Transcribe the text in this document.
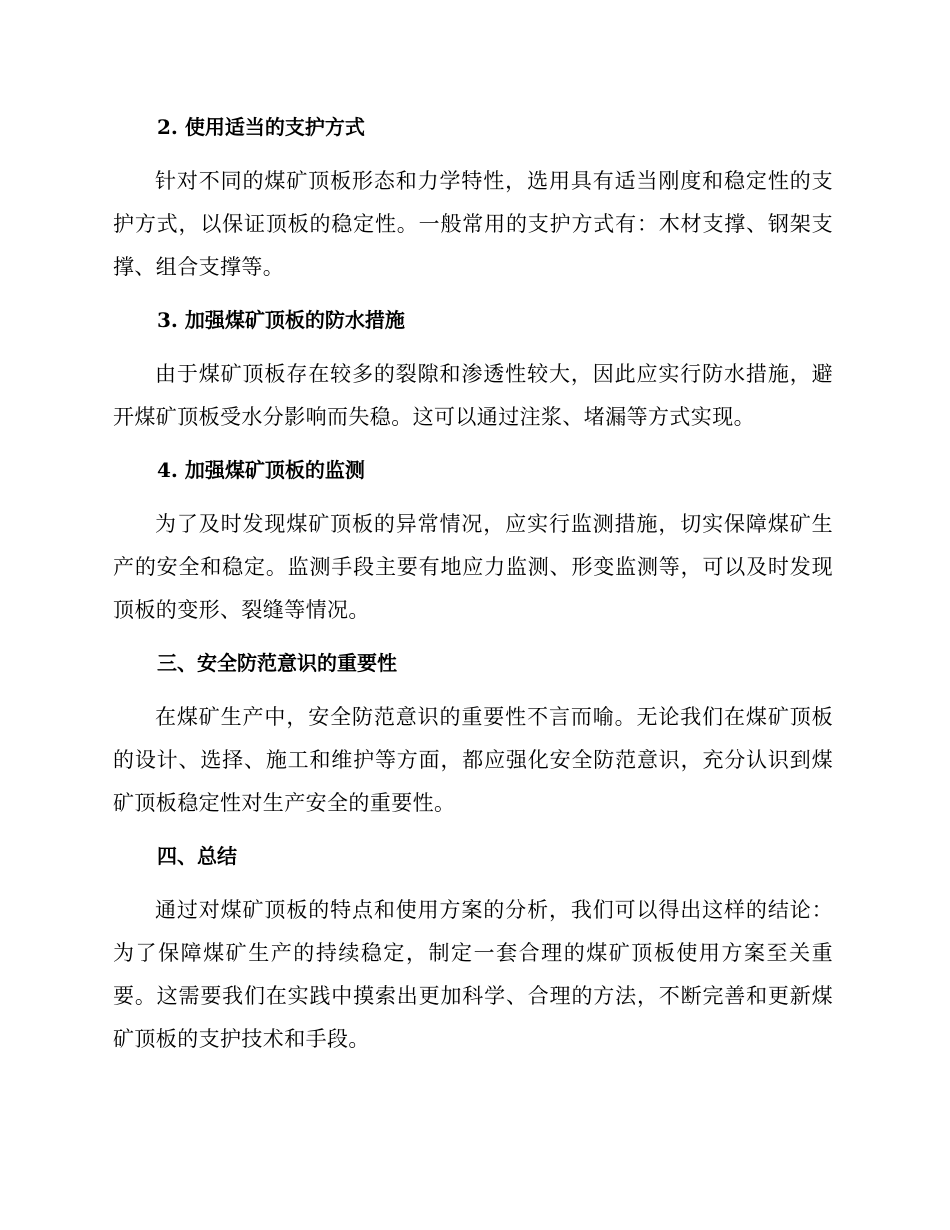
2. 使用适当的支护方式

针对不同的煤矿顶板形态和力学特性，选用具有适当刚度和稳定性的支护方式，以保证顶板的稳定性。一般常用的支护方式有：木材支撑、钢架支撑、组合支撑等。

3. 加强煤矿顶板的防水措施

由于煤矿顶板存在较多的裂隙和渗透性较大，因此应实行防水措施，避开煤矿顶板受水分影响而失稳。这可以通过注浆、堵漏等方式实现。

4. 加强煤矿顶板的监测

为了及时发现煤矿顶板的异常情况，应实行监测措施，切实保障煤矿生产的安全和稳定。监测手段主要有地应力监测、形变监测等，可以及时发现顶板的变形、裂缝等情况。

三、安全防范意识的重要性

在煤矿生产中，安全防范意识的重要性不言而喻。无论我们在煤矿顶板的设计、选择、施工和维护等方面，都应强化安全防范意识，充分认识到煤矿顶板稳定性对生产安全的重要性。

四、总结

通过对煤矿顶板的特点和使用方案的分析，我们可以得出这样的结论：为了保障煤矿生产的持续稳定，制定一套合理的煤矿顶板使用方案至关重要。这需要我们在实践中摸索出更加科学、合理的方法，不断完善和更新煤矿顶板的支护技术和手段。
